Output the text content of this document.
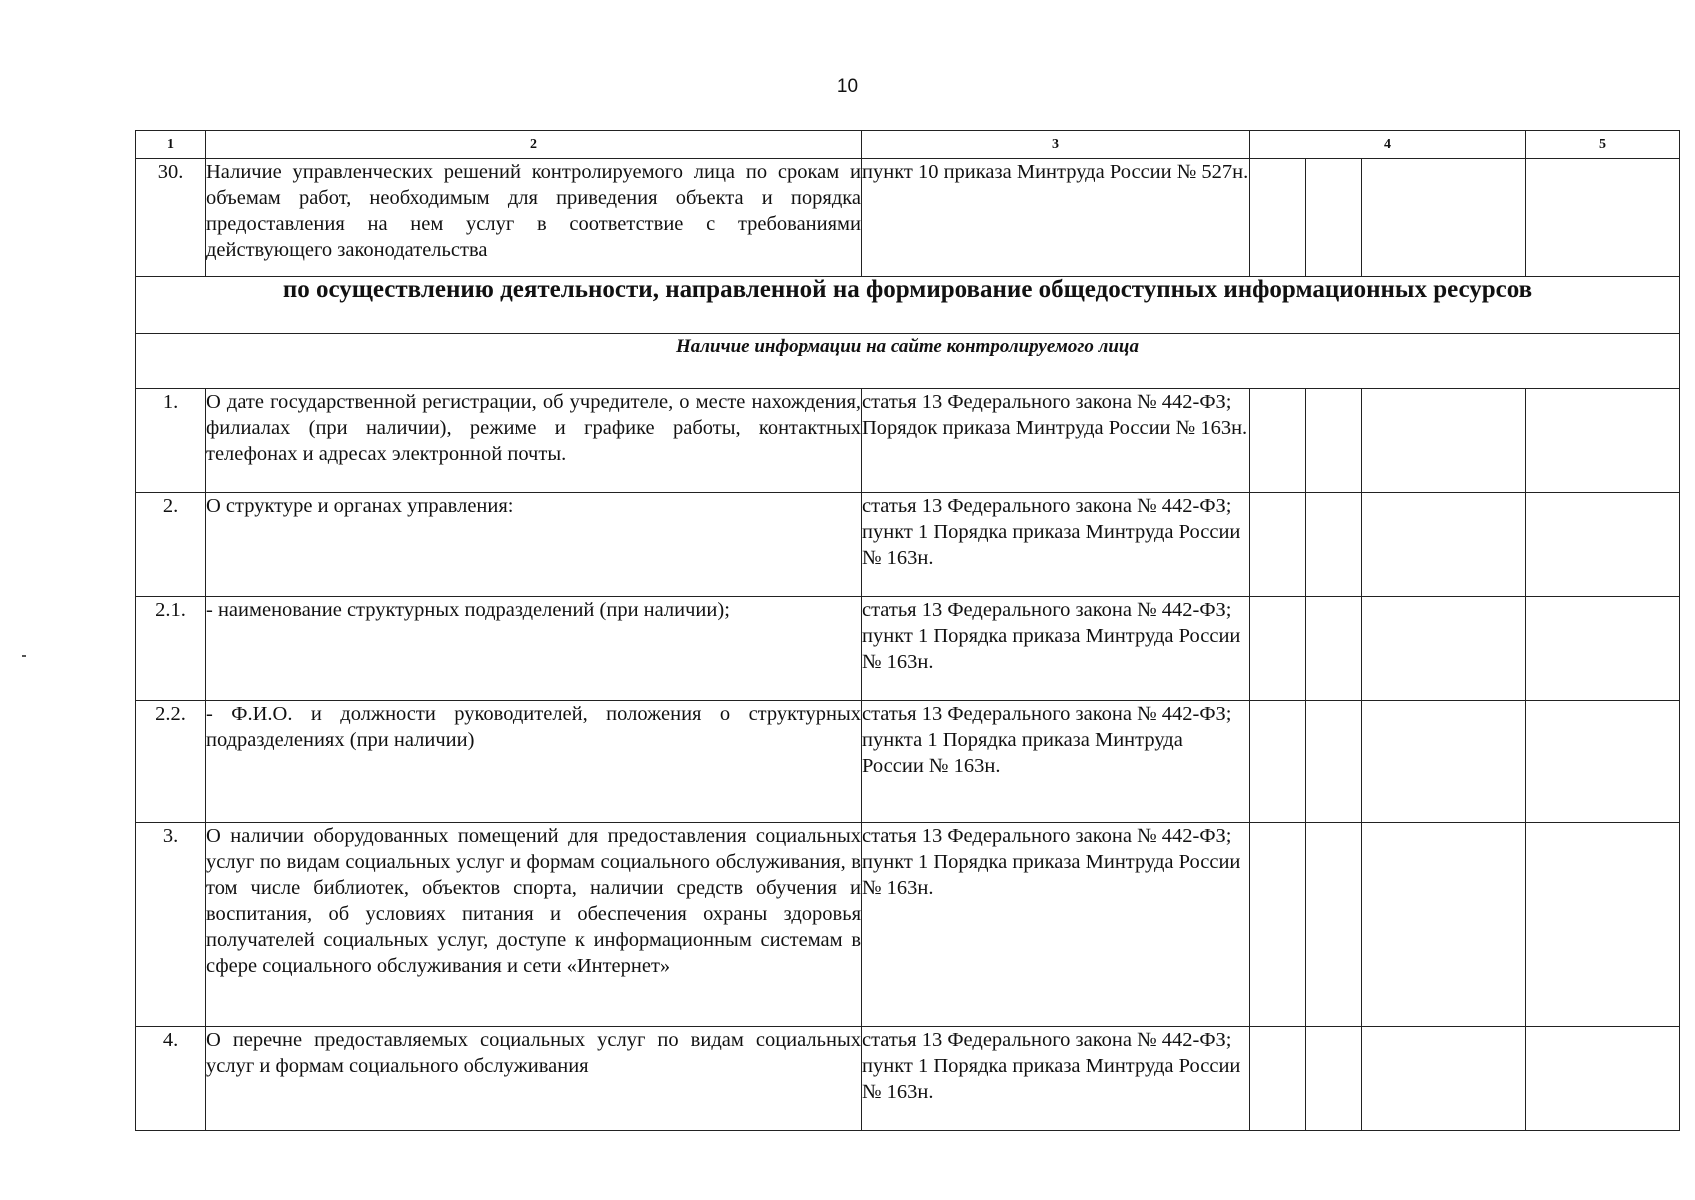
10
1	2	3	4			5
30.	Наличие управленческих решений контролируемого лица по срокам и объемам работ, необходимым для приведения объекта и порядка предоставления на нем услуг в соответствие с требованиями действующего законодательства	пункт 10 приказа Минтруда России № 527н.				
по осуществлению деятельности, направленной на формирование общедоступных информационных ресурсов						
Наличие информации на сайте контролируемого лица						
1.	О дате государственной регистрации, об учредителе, о месте нахождения, филиалах (при наличии), режиме и графике работы, контактных телефонах и адресах электронной почты.	статья 13 Федерального закона № 442-ФЗ; Порядок приказа Минтруда России № 163н.				
2.	О структуре и органах управления:	статья 13 Федерального закона № 442-ФЗ; пункт 1 Порядка приказа Минтруда России № 163н.				
2.1.	- наименование структурных подразделений (при наличии);	статья 13 Федерального закона № 442-ФЗ; пункт 1 Порядка приказа Минтруда России № 163н.				
2.2.	- Ф.И.О. и должности руководителей, положения о структурных подразделениях (при наличии)	статья 13 Федерального закона № 442-ФЗ; пункта 1 Порядка приказа Минтруда России № 163н.				
3.	О наличии оборудованных помещений для предоставления социальных услуг по видам социальных услуг и формам социального обслуживания, в том числе библиотек, объектов спорта, наличии средств обучения и воспитания, об условиях питания и обеспечения охраны здоровья получателей социальных услуг, доступе к информационным системам в сфере социального обслуживания и сети «Интернет»	статья 13 Федерального закона № 442-ФЗ; пункт 1 Порядка приказа Минтруда России № 163н.				
4.	О перечне предоставляемых социальных услуг по видам социальных услуг и формам социального обслуживания	статья 13 Федерального закона № 442-ФЗ; пункт 1 Порядка приказа Минтруда России № 163н.				
